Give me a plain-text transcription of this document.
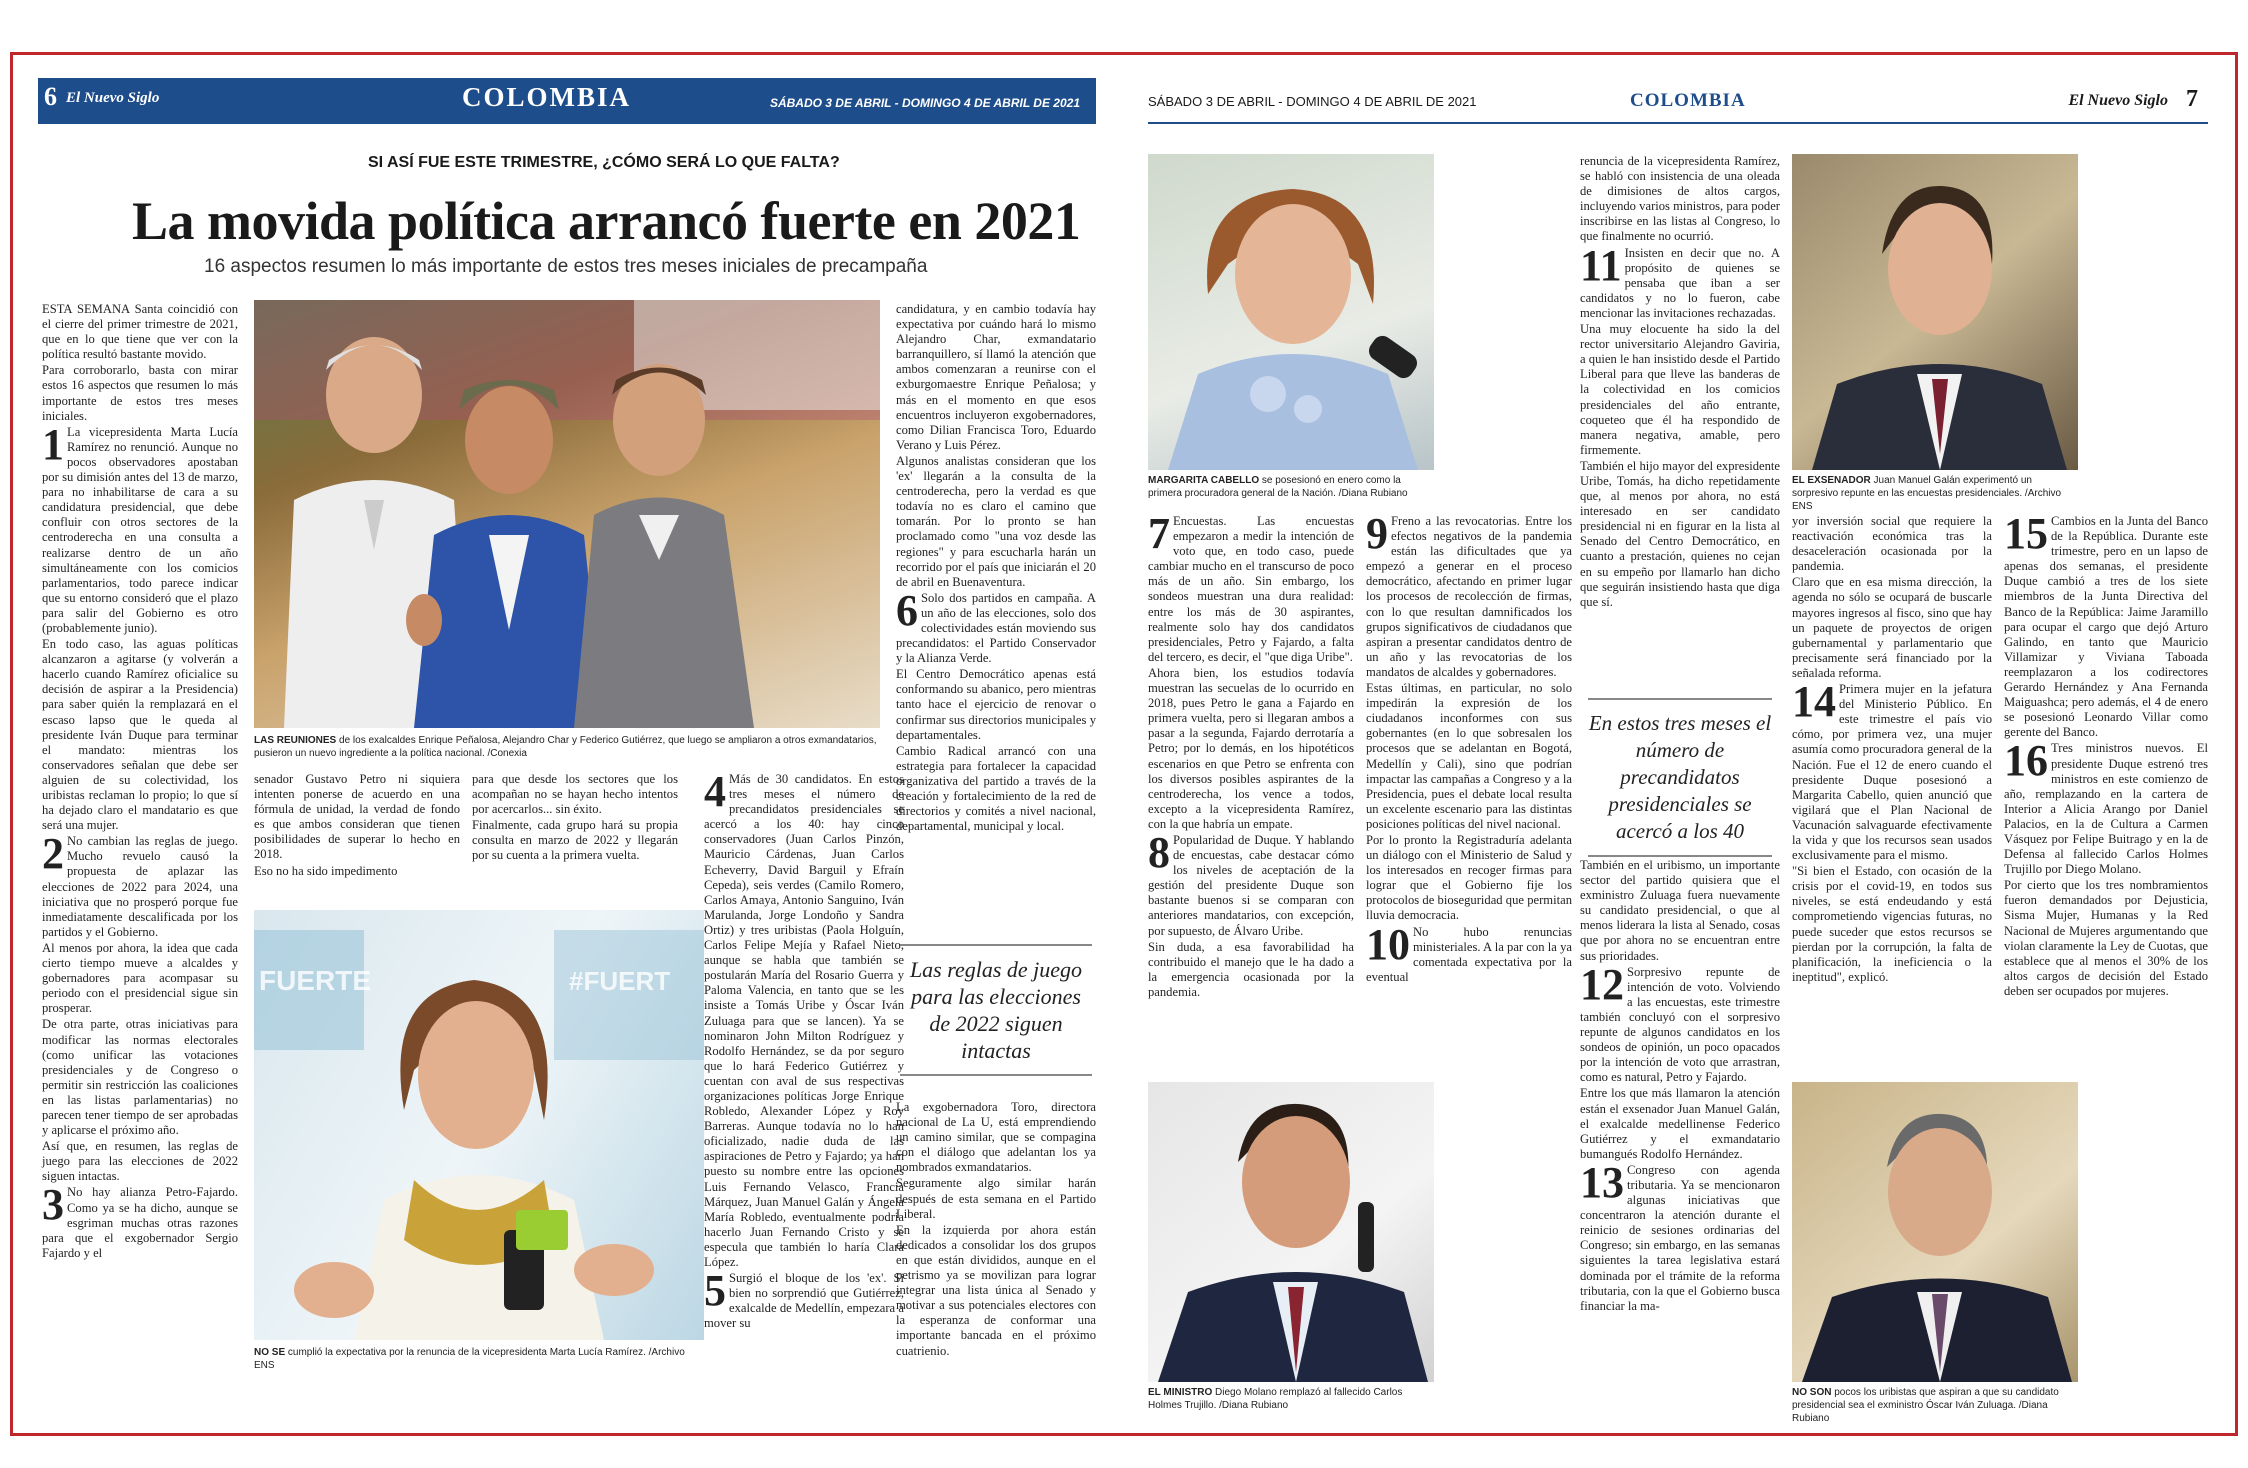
6 El Nuevo Siglo	COLOMBIA	SÁBADO 3 DE ABRIL - DOMINGO 4 DE ABRIL DE 2021
SI ASÍ FUE ESTE TRIMESTRE, ¿CÓMO SERÁ LO QUE FALTA?
La movida política arrancó fuerte en 2021
16 aspectos resumen lo más importante de estos tres meses iniciales de precampaña
LAS REUNIONES de los exalcaldes Enrique Peñalosa, Alejandro Char y Federico Gutiérrez, que luego se ampliaron a otros exmandatarios, pusieron un nuevo ingrediente a la política nacional. /Conexia
FUERTE	#FUERT
NO SE cumplió la expectativa por la renuncia de la vicepresidenta Marta Lucía Ramírez. /Archivo ENS

ESTA SEMANA Santa coincidió con el cierre del primer trimestre de 2021, que en lo que tiene que ver con la política resultó bastante movido.

Para corroborarlo, basta con mirar estos 16 aspectos que resumen lo más importante de estos tres meses iniciales.

1 La vicepresidenta Marta Lucía Ramírez no renunció. Aunque no pocos observadores apostaban por su dimisión antes del 13 de marzo, para no inhabilitarse de cara a su candidatura presidencial, que debe confluir con otros sectores de la centroderecha en una consulta a realizarse dentro de un año simultáneamente con los comicios parlamentarios, todo parece indicar que su entorno consideró que el plazo para salir del Gobierno es otro (probablemente junio).

En todo caso, las aguas políticas alcanzaron a agitarse (y volverán a hacerlo cuando Ramírez oficialice su decisión de aspirar a la Presidencia) para saber quién la remplazará en el escaso lapso que le queda al presidente Iván Duque para terminar el mandato: mientras los conservadores señalan que debe ser alguien de su colectividad, los uribistas reclaman lo propio; lo que sí ha dejado claro el mandatario es que será una mujer.

2 No cambian las reglas de juego. Mucho revuelo causó la propuesta de aplazar las elecciones de 2022 para 2024, una iniciativa que no prosperó porque fue inmediatamente descalificada por los partidos y el Gobierno.

Al menos por ahora, la idea que cada cierto tiempo mueve a alcaldes y gobernadores para acompasar su periodo con el presidencial sigue sin prosperar.

De otra parte, otras iniciativas para modificar las normas electorales (como unificar las votaciones presidenciales y de Congreso o permitir sin restricción las coaliciones en las listas parlamentarias) no parecen tener tiempo de ser aprobadas y aplicarse el próximo año.

Así que, en resumen, las reglas de juego para las elecciones de 2022 siguen intactas.

3 No hay alianza Petro-Fajardo. Como ya se ha dicho, aunque se esgriman muchas otras razones para que el exgobernador Sergio Fajardo y el

senador Gustavo Petro ni siquiera intenten ponerse de acuerdo en una fórmula de unidad, la verdad de fondo es que ambos consideran que tienen posibilidades de superar lo hecho en 2018.

Eso no ha sido impedimento

para que desde los sectores que los acompañan no se hayan hecho intentos por acercarlos... sin éxito.

Finalmente, cada grupo hará su propia consulta en marzo de 2022 y llegarán por su cuenta a la primera vuelta.

4 Más de 30 candidatos. En estos tres meses el número de precandidatos presidenciales se acercó a los 40: hay cinco conservadores (Juan Carlos Pinzón, Mauricio Cárdenas, Juan Carlos Echeverry, David Barguil y Efraín Cepeda), seis verdes (Camilo Romero, Carlos Amaya, Antonio Sanguino, Iván Marulanda, Jorge Londoño y Sandra Ortiz) y tres uribistas (Paola Holguín, Carlos Felipe Mejía y Rafael Nieto, aunque se habla que también se postularán María del Rosario Guerra y Paloma Valencia, en tanto que se les insiste a Tomás Uribe y Óscar Iván Zuluaga para que se lancen). Ya se nominaron John Milton Rodríguez y Rodolfo Hernández, se da por seguro que lo hará Federico Gutiérrez y cuentan con aval de sus respectivas organizaciones políticas Jorge Enrique Robledo, Alexander López y Roy Barreras. Aunque todavía no lo han oficializado, nadie duda de las aspiraciones de Petro y Fajardo; ya han puesto su nombre entre las opciones Luis Fernando Velasco, Francia Márquez, Juan Manuel Galán y Ángela María Robledo, eventualmente podría hacerlo Juan Fernando Cristo y se especula que también lo haría Clara López.

5 Surgió el bloque de los 'ex'. Si bien no sorprendió que Gutiérrez, exalcalde de Medellín, empezara a mover su

candidatura, y en cambio todavía hay expectativa por cuándo hará lo mismo Alejandro Char, exmandatario barranquillero, sí llamó la atención que ambos comenzaran a reunirse con el exburgomaestre Enrique Peñalosa; y más en el momento en que esos encuentros incluyeron exgobernadores, como Dilian Francisca Toro, Eduardo Verano y Luis Pérez.

Algunos analistas consideran que los 'ex' llegarán a la consulta de la centroderecha, pero la verdad es que todavía no es claro el camino que tomarán. Por lo pronto se han proclamado como "una voz desde las regiones" y para escucharla harán un recorrido por el país que iniciarán el 20 de abril en Buenaventura.

6 Solo dos partidos en campaña. A un año de las elecciones, solo dos colectividades están moviendo sus precandidatos: el Partido Conservador y la Alianza Verde.

El Centro Democrático apenas está conformando su abanico, pero mientras tanto hace el ejercicio de renovar o confirmar sus directorios municipales y departamentales.

Cambio Radical arrancó con una estrategia para fortalecer la capacidad organizativa del partido a través de la creación y fortalecimiento de la red de directorios y comités a nivel nacional, departamental, municipal y local.

Las reglas de juego para las elecciones de 2022 siguen intactas

La exgobernadora Toro, directora nacional de La U, está emprendiendo un camino similar, que se compagina con el diálogo que adelantan los ya nombrados exmandatarios.

Seguramente algo similar harán después de esta semana en el Partido Liberal.

En la izquierda por ahora están dedicados a consolidar los dos grupos en que están divididos, aunque en el petrismo ya se movilizan para lograr integrar una lista única al Senado y motivar a sus potenciales electores con la esperanza de conformar una importante bancada en el próximo cuatrienio.

SÁBADO 3 DE ABRIL - DOMINGO 4 DE ABRIL DE 2021	COLOMBIA	El Nuevo Siglo 7
MARGARITA CABELLO se posesionó en enero como la primera procuradora general de la Nación. /Diana Rubiano
EL EXSENADOR Juan Manuel Galán experimentó un sorpresivo repunte en las encuestas presidenciales. /Archivo ENS
EL MINISTRO Diego Molano remplazó al fallecido Carlos Holmes Trujillo. /Diana Rubiano
NO SON pocos los uribistas que aspiran a que su candidato presidencial sea el exministro Óscar Iván Zuluaga. /Diana Rubiano

7 Encuestas. Las encuestas empezaron a medir la intención de voto que, en todo caso, puede cambiar mucho en el transcurso de poco más de un año. Sin embargo, los sondeos muestran una dura realidad: entre los más de 30 aspirantes, realmente solo hay dos candidatos presidenciales, Petro y Fajardo, a falta del tercero, es decir, el "que diga Uribe".

Ahora bien, los estudios todavía muestran las secuelas de lo ocurrido en 2018, pues Petro le gana a Fajardo en primera vuelta, pero si llegaran ambos a pasar a la segunda, Fajardo derrotaría a Petro; por lo demás, en los hipotéticos escenarios en que Petro se enfrenta con los diversos posibles aspirantes de la centroderecha, los vence a todos, excepto a la vicepresidenta Ramírez, con la que habría un empate.

8 Popularidad de Duque. Y hablando de encuestas, cabe destacar cómo los niveles de aceptación de la gestión del presidente Duque son bastante buenos si se comparan con anteriores mandatarios, con excepción, por supuesto, de Álvaro Uribe.

Sin duda, a esa favorabilidad ha contribuido el manejo que le ha dado a la emergencia ocasionada por la pandemia.

9 Freno a las revocatorias. Entre los efectos negativos de la pandemia están las dificultades que ya empezó a generar en el proceso democrático, afectando en primer lugar los procesos de recolección de firmas, con lo que resultan damnificados los grupos significativos de ciudadanos que aspiran a presentar candidatos dentro de un año y las revocatorias de los mandatos de alcaldes y gobernadores.

Estas últimas, en particular, no solo impedirán la expresión de los ciudadanos inconformes con sus gobernantes (en lo que sobresalen los procesos que se adelantan en Bogotá, Medellín y Cali), sino que podrían impactar las campañas a Congreso y a la Presidencia, pues el debate local resulta un excelente escenario para las distintas posiciones políticas del nivel nacional.

Por lo pronto la Registraduría adelanta un diálogo con el Ministerio de Salud y los interesados en recoger firmas para lograr que el Gobierno fije los protocolos de bioseguridad que permitan lluvia democracia.

10 No hubo renuncias ministeriales. A la par con la ya comentada expectativa por la eventual

renuncia de la vicepresidenta Ramírez, se habló con insistencia de una oleada de dimisiones de altos cargos, incluyendo varios ministros, para poder inscribirse en las listas al Congreso, lo que finalmente no ocurrió.

11 Insisten en decir que no. A propósito de quienes se pensaba que iban a ser candidatos y no lo fueron, cabe mencionar las invitaciones rechazadas.

Una muy elocuente ha sido la del rector universitario Alejandro Gaviria, a quien le han insistido desde el Partido Liberal para que lleve las banderas de la colectividad en los comicios presidenciales del año entrante, coqueteo que él ha respondido de manera negativa, amable, pero firmemente.

También el hijo mayor del expresidente Uribe, Tomás, ha dicho repetidamente que, al menos por ahora, no está interesado en ser candidato presidencial ni en figurar en la lista al Senado del Centro Democrático, en cuanto a prestación, quienes no cejan en su empeño por llamarlo han dicho que seguirán insistiendo hasta que diga que sí.

En estos tres meses el número de precandidatos presidenciales se acercó a los 40

También en el uribismo, un importante sector del partido quisiera que el exministro Zuluaga fuera nuevamente su candidato presidencial, o que al menos liderara la lista al Senado, cosas que por ahora no se encuentran entre sus prioridades.

12 Sorpresivo repunte de intención de voto. Volviendo a las encuestas, este trimestre también concluyó con el sorpresivo repunte de algunos candidatos en los sondeos de opinión, un poco opacados por la intención de voto que arrastran, como es natural, Petro y Fajardo.

Entre los que más llamaron la atención están el exsenador Juan Manuel Galán, el exalcalde medellinense Federico Gutiérrez y el exmandatario bumangués Rodolfo Hernández.

13 Congreso con agenda tributaria. Ya se mencionaron algunas iniciativas que concentraron la atención durante el reinicio de sesiones ordinarias del Congreso; sin embargo, en las semanas siguientes la tarea legislativa estará dominada por el trámite de la reforma tributaria, con la que el Gobierno busca financiar la ma-

yor inversión social que requiere la reactivación económica tras la desaceleración ocasionada por la pandemia.

Claro que en esa misma dirección, la agenda no sólo se ocupará de buscarle mayores ingresos al fisco, sino que hay un paquete de proyectos de origen gubernamental y parlamentario que precisamente será financiado por la señalada reforma.

14 Primera mujer en la jefatura del Ministerio Público. En este trimestre el país vio cómo, por primera vez, una mujer asumía como procuradora general de la Nación. Fue el 12 de enero cuando el presidente Duque posesionó a Margarita Cabello, quien anunció que vigilará que el Plan Nacional de Vacunación salvaguarde efectivamente la vida y que los recursos sean usados exclusivamente para el mismo.

"Si bien el Estado, con ocasión de la crisis por el covid-19, en todos sus niveles, se está endeudando y está comprometiendo vigencias futuras, no puede suceder que estos recursos se pierdan por la corrupción, la falta de planificación, la ineficiencia o la ineptitud", explicó.

15 Cambios en la Junta del Banco de la República. Durante este trimestre, pero en un lapso de apenas dos semanas, el presidente Duque cambió a tres de los siete miembros de la Junta Directiva del Banco de la República: Jaime Jaramillo para ocupar el cargo que dejó Arturo Galindo, en tanto que Mauricio Villamizar y Viviana Taboada reemplazaron a los codirectores Gerardo Hernández y Ana Fernanda Maiguashca; pero además, el 4 de enero se posesionó Leonardo Villar como gerente del Banco.

16 Tres ministros nuevos. El presidente Duque estrenó tres ministros en este comienzo de año, remplazando en la cartera de Interior a Alicia Arango por Daniel Palacios, en la de Cultura a Carmen Vásquez por Felipe Buitrago y en la de Defensa al fallecido Carlos Holmes Trujillo por Diego Molano.

Por cierto que los tres nombramientos fueron demandados por Dejusticia, Sisma Mujer, Humanas y la Red Nacional de Mujeres argumentando que violan claramente la Ley de Cuotas, que establece que al menos el 30% de los altos cargos de decisión del Estado deben ser ocupados por mujeres.
